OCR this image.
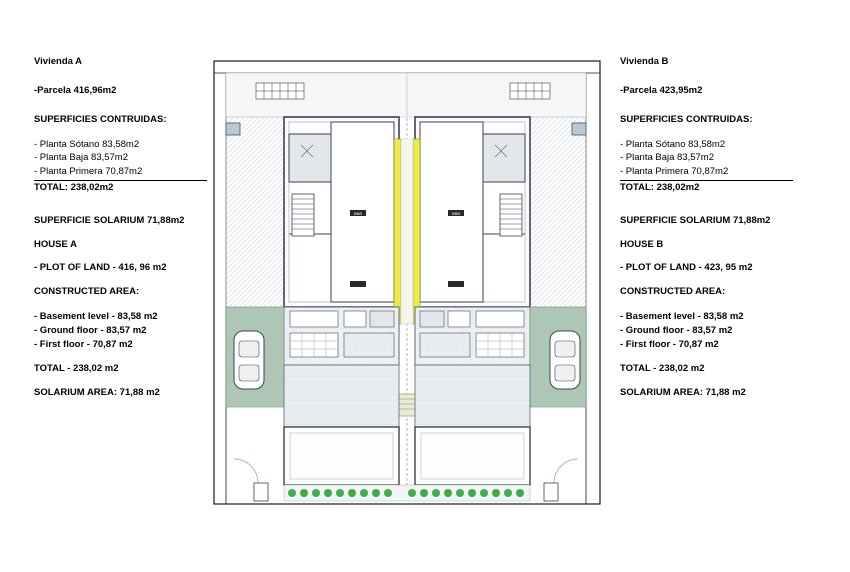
Vivienda A
-Parcela 416,96m2
SUPERFICIES CONTRUIDAS:
- Planta Sótano 83,58m2
- Planta Baja 83,57m2
- Planta Primera 70,87m2
TOTAL: 238,02m2
SUPERFICIE SOLARIUM 71,88m2
HOUSE A
- PLOT OF LAND - 416, 96 m2
CONSTRUCTED AREA:
- Basement level - 83,58 m2
- Ground floor - 83,57 m2
- First floor - 70,87 m2
TOTAL - 238,02 m2
SOLARIUM AREA: 71,88 m2
Vivienda B
-Parcela 423,95m2
SUPERFICIES CONTRUIDAS:
- Planta Sótano 83,58m2
- Planta Baja 83,57m2
- Planta Primera 70,87m2
TOTAL: 238,02m2
SUPERFICIE SOLARIUM 71,88m2
HOUSE B
- PLOT OF LAND - 423, 95 m2
CONSTRUCTED AREA:
- Basement level - 83,58 m2
- Ground floor - 83,57 m2
- First floor - 70,87 m2
TOTAL - 238,02 m2
SOLARIUM AREA: 71,88 m2
BBB	BBB
